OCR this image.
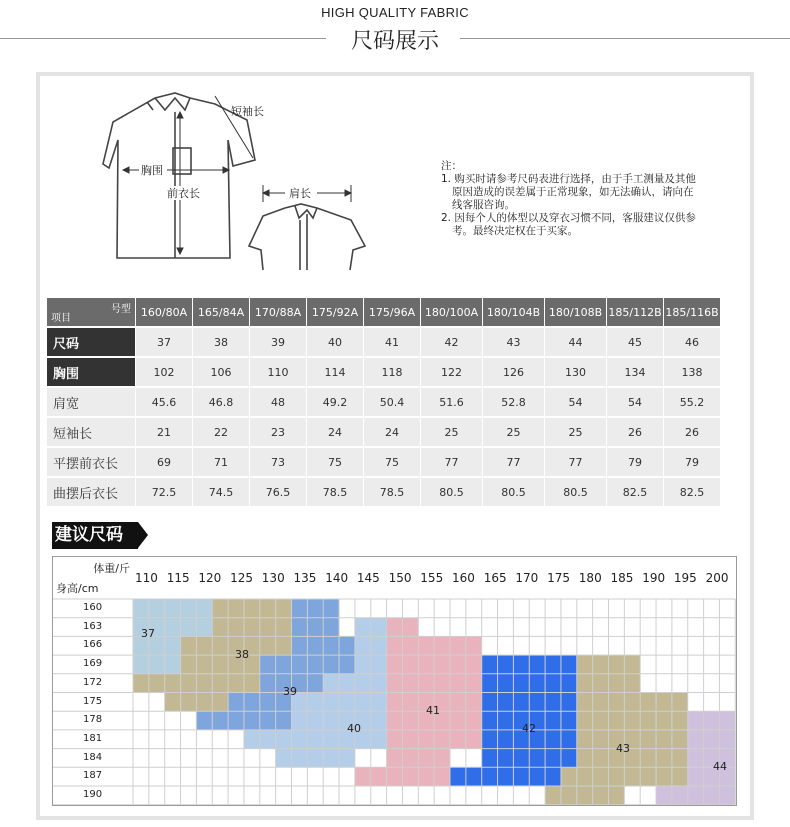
HIGH QUALITY FABRIC
尺码展示
胸围
前衣长
短袖长
肩长

注：

1. 购买时请参考尺码表进行选择，由于手工测量及其他

原因造成的误差属于正常现象，如无法确认，请向在

线客服咨询。

2. 因每个人的体型以及穿衣习惯不同，客服建议仅供参

考。最终决定权在于买家。

号型
项目	160/80A	165/84A	170/88A	175/92A	175/96A	180/100A	180/104B	180/108B	185/112B	185/116B
尺码	37	38	39	40	41	42	43	44	45	46
胸围	102	106	110	114	118	122	126	130	134	138
肩宽	45.6	46.8	48	49.2	50.4	51.6	52.8	54	54	55.2
短袖长	21	22	23	24	24	25	25	25	26	26
平摆前衣长	69	71	73	75	75	77	77	77	79	79
曲摆后衣长	72.5	74.5	76.5	78.5	78.5	80.5	80.5	80.5	82.5	82.5
建议尺码
体重/斤
身高/cm
110 115 120 125 130 135 140 145 150 155 160 165 170 175 180 185 190 195 200
160
163
166
169
172
175
178
181
184
187
190
37
38
39
40
41
42
43
44
